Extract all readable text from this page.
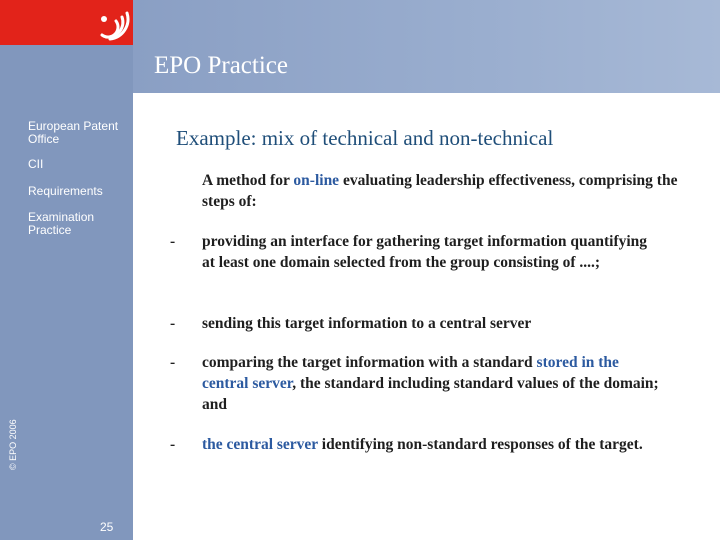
EPO Practice
European Patent Office
CII
Requirements
Examination Practice
© EPO 2006
25
Example: mix of technical and non-technical
A method for on-line evaluating leadership effectiveness, comprising the steps of:
-	providing an interface for gathering target information quantifying at least one domain selected from the group consisting of ....;
-	sending this target information to a central server
-	comparing the target information with a standard stored in the central server, the standard including standard values of the domain; and
-	the central server identifying non-standard responses of the target.
